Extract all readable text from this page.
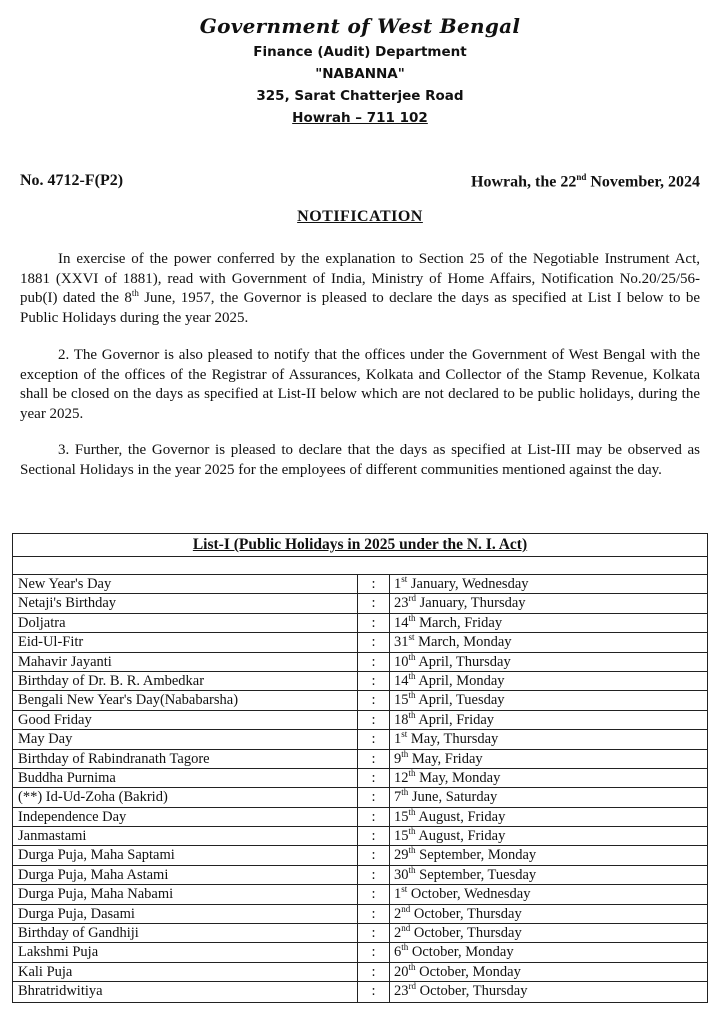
Government of West Bengal
Finance (Audit) Department
"NABANNA"
325, Sarat Chatterjee Road
Howrah – 711 102
No. 4712-F(P2)	Howrah, the 22nd November, 2024
NOTIFICATION
In exercise of the power conferred by the explanation to Section 25 of the Negotiable Instrument Act, 1881 (XXVI of 1881), read with Government of India, Ministry of Home Affairs, Notification No.20/25/56-pub(I) dated the 8th June, 1957, the Governor is pleased to declare the days as specified at List I below to be Public Holidays during the year 2025.
2. The Governor is also pleased to notify that the offices under the Government of West Bengal with the exception of the offices of the Registrar of Assurances, Kolkata and Collector of the Stamp Revenue, Kolkata shall be closed on the days as specified at List-II below which are not declared to be public holidays, during the year 2025.
3. Further, the Governor is pleased to declare that the days as specified at List-III may be observed as Sectional Holidays in the year 2025 for the employees of different communities mentioned against the day.
List-I (Public Holidays in 2025 under the N. I. Act)
New Year's Day	:	1st January, Wednesday
Netaji's Birthday	:	23rd January, Thursday
Doljatra	:	14th March, Friday
Eid-Ul-Fitr	:	31st March, Monday
Mahavir Jayanti	:	10th April, Thursday
Birthday of Dr. B. R. Ambedkar	:	14th April, Monday
Bengali New Year's Day(Nababarsha)	:	15th April, Tuesday
Good Friday	:	18th April, Friday
May Day	:	1st May, Thursday
Birthday of Rabindranath Tagore	:	9th May, Friday
Buddha Purnima	:	12th May, Monday
(**) Id-Ud-Zoha (Bakrid)	:	7th June, Saturday
Independence Day	:	15th August, Friday
Janmastami	:	15th August, Friday
Durga Puja, Maha Saptami	:	29th September, Monday
Durga Puja, Maha Astami	:	30th September, Tuesday
Durga Puja, Maha Nabami	:	1st October, Wednesday
Durga Puja, Dasami	:	2nd October, Thursday
Birthday of Gandhiji	:	2nd October, Thursday
Lakshmi Puja	:	6th October, Monday
Kali Puja	:	20th October, Monday
Bhratridwitiya	:	23rd October, Thursday
